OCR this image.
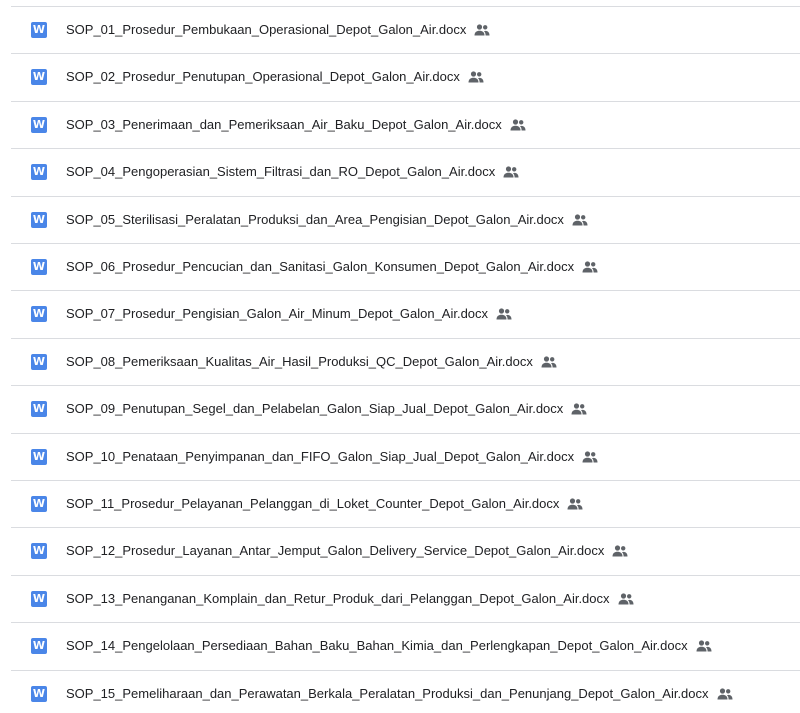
W SOP_01_Prosedur_Pembukaan_Operasional_Depot_Galon_Air.docx
W SOP_02_Prosedur_Penutupan_Operasional_Depot_Galon_Air.docx
W SOP_03_Penerimaan_dan_Pemeriksaan_Air_Baku_Depot_Galon_Air.docx
W SOP_04_Pengoperasian_Sistem_Filtrasi_dan_RO_Depot_Galon_Air.docx
W SOP_05_Sterilisasi_Peralatan_Produksi_dan_Area_Pengisian_Depot_Galon_Air.docx
W SOP_06_Prosedur_Pencucian_dan_Sanitasi_Galon_Konsumen_Depot_Galon_Air.docx
W SOP_07_Prosedur_Pengisian_Galon_Air_Minum_Depot_Galon_Air.docx
W SOP_08_Pemeriksaan_Kualitas_Air_Hasil_Produksi_QC_Depot_Galon_Air.docx
W SOP_09_Penutupan_Segel_dan_Pelabelan_Galon_Siap_Jual_Depot_Galon_Air.docx
W SOP_10_Penataan_Penyimpanan_dan_FIFO_Galon_Siap_Jual_Depot_Galon_Air.docx
W SOP_11_Prosedur_Pelayanan_Pelanggan_di_Loket_Counter_Depot_Galon_Air.docx
W SOP_12_Prosedur_Layanan_Antar_Jemput_Galon_Delivery_Service_Depot_Galon_Air.docx
W SOP_13_Penanganan_Komplain_dan_Retur_Produk_dari_Pelanggan_Depot_Galon_Air.docx
W SOP_14_Pengelolaan_Persediaan_Bahan_Baku_Bahan_Kimia_dan_Perlengkapan_Depot_Galon_Air.docx
W SOP_15_Pemeliharaan_dan_Perawatan_Berkala_Peralatan_Produksi_dan_Penunjang_Depot_Galon_Air.docx
